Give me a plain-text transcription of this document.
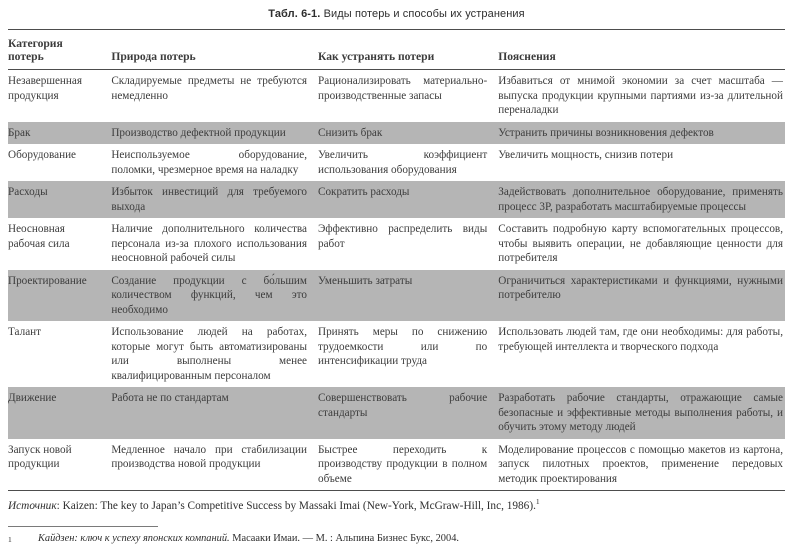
Табл. 6-1. Виды потерь и способы их устранения
Категория потерь	Природа потерь	Как устранять потери	Пояснения
Незавершенная продукция	Складируемые предметы не требуются немедленно	Рационализировать материально-производственные запасы	Избавиться от мнимой экономии за счет масштаба — выпуска продукции крупными партиями из-за длительной переналадки
Брак	Производство дефектной продукции	Снизить брак	Устранить причины возникновения дефектов
Оборудование	Неиспользуемое оборудование, поломки, чрезмерное время на наладку	Увеличить коэффициент использования оборудования	Увеличить мощность, снизив потери
Расходы	Избыток инвестиций для требуемого выхода	Сократить расходы	Задействовать дополнительное оборудование, применять процесс 3P, разработать масштабируемые процессы
Неосновная рабочая сила	Наличие дополнительного количества персонала из-за плохого использования неосновной рабочей силы	Эффективно распределить виды работ	Составить подробную карту вспомогательных процессов, чтобы выявить операции, не добавляющие ценности для потребителя
Проектирование	Создание продукции с бо́льшим количеством функций, чем это необходимо	Уменьшить затраты	Ограничиться характеристиками и функциями, нужными потребителю
Талант	Использование людей на работах, которые могут быть автоматизированы или выполнены менее квалифицированным персоналом	Принять меры по снижению трудоемкости или по интенсификации труда	Использовать людей там, где они необходимы: для работы, требующей интеллекта и творческого подхода
Движение	Работа не по стандартам	Совершенствовать рабочие стандарты	Разработать рабочие стандарты, отражающие самые безопасные и эффективные методы выполнения работы, и обучить этому методу людей
Запуск новой продукции	Медленное начало при стабилизации производства новой продукции	Быстрее переходить к производству продукции в полном объеме	Моделирование процессов с помощью макетов из картона, запуск пилотных проектов, применение передовых методик проектирования

Источник: Kaizen: The key to Japan’s Competitive Success by Massaki Imai (New-York, McGraw-Hill, Inc, 1986).$^1$

1	Кайдзен: ключ к успеху японских компаний. Масааки Имаи. — М. : Альпина Бизнес Букс, 2004.
